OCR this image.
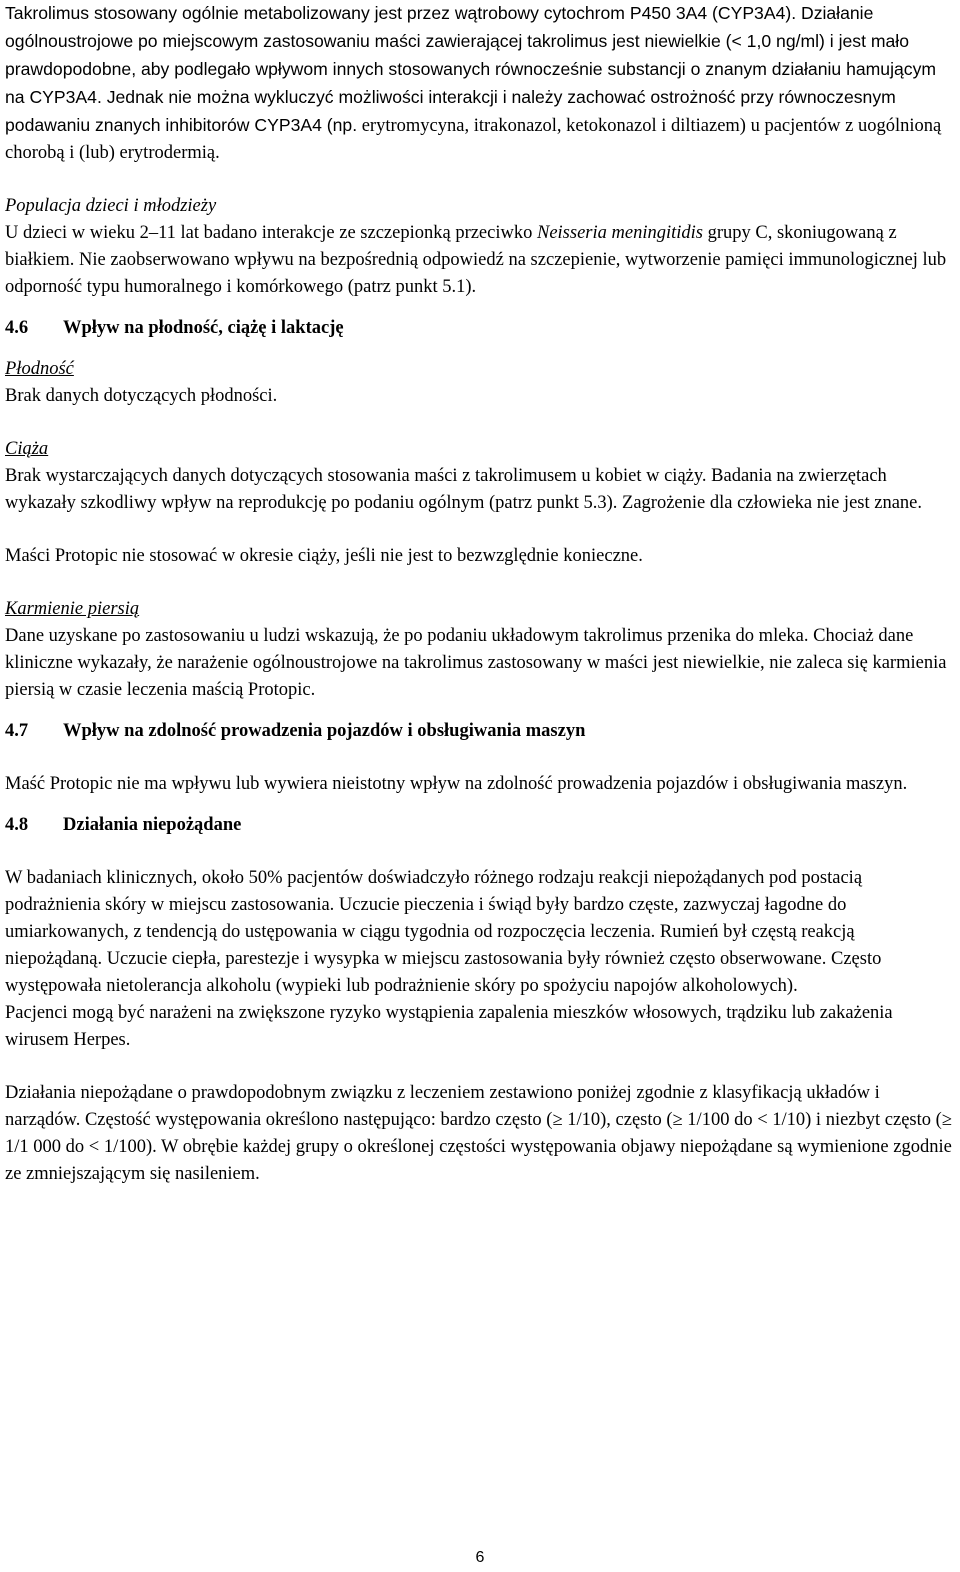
Takrolimus stosowany ogólnie metabolizowany jest przez wątrobowy cytochrom P450 3A4 (CYP3A4). Działanie ogólnoustrojowe po miejscowym zastosowaniu maści zawierającej takrolimus jest niewielkie (< 1,0 ng/ml) i jest mało prawdopodobne, aby podlegało wpływom innych stosowanych równocześnie substancji o znanym działaniu hamującym na CYP3A4. Jednak nie można wykluczyć możliwości interakcji i należy zachować ostrożność przy równoczesnym podawaniu znanych inhibitorów CYP3A4 (np. erytromycyna, itrakonazol, ketokonazol i diltiazem) u pacjentów z uogólnioną chorobą i (lub) erytrodermią.

Populacja dzieci i młodzieży

U dzieci w wieku 2–11 lat badano interakcje ze szczepionką przeciwko Neisseria meningitidis grupy C, skoniugowaną z białkiem. Nie zaobserwowano wpływu na bezpośrednią odpowiedź na szczepienie, wytworzenie pamięci immunologicznej lub odporność typu humoralnego i komórkowego (patrz punkt 5.1).

4.6	Wpływ na płodność, ciążę i laktację

Płodność

Brak danych dotyczących płodności.

Ciąża

Brak wystarczających danych dotyczących stosowania maści z takrolimusem u kobiet w ciąży. Badania na zwierzętach wykazały szkodliwy wpływ na reprodukcję po podaniu ogólnym (patrz punkt 5.3). Zagrożenie dla człowieka nie jest znane.

Maści Protopic nie stosować w okresie ciąży, jeśli nie jest to bezwzględnie konieczne.

Karmienie piersią

Dane uzyskane po zastosowaniu u ludzi wskazują, że po podaniu układowym takrolimus przenika do mleka. Chociaż dane kliniczne wykazały, że narażenie ogólnoustrojowe na takrolimus zastosowany w maści jest niewielkie, nie zaleca się karmienia piersią w czasie leczenia maścią Protopic.

4.7	Wpływ na zdolność prowadzenia pojazdów i obsługiwania maszyn

Maść Protopic nie ma wpływu lub wywiera nieistotny wpływ na zdolność prowadzenia pojazdów i obsługiwania maszyn.

4.8	Działania niepożądane

W badaniach klinicznych, około 50% pacjentów doświadczyło różnego rodzaju reakcji niepożądanych pod postacią podrażnienia skóry w miejscu zastosowania. Uczucie pieczenia i świąd były bardzo częste, zazwyczaj łagodne do umiarkowanych, z tendencją do ustępowania w ciągu tygodnia od rozpoczęcia leczenia. Rumień był częstą reakcją niepożądaną. Uczucie ciepła, parestezje i wysypka w miejscu zastosowania były również często obserwowane. Często występowała nietolerancja alkoholu (wypieki lub podrażnienie skóry po spożyciu napojów alkoholowych).

Pacjenci mogą być narażeni na zwiększone ryzyko wystąpienia zapalenia mieszków włosowych, trądziku lub zakażenia wirusem Herpes.

Działania niepożądane o prawdopodobnym związku z leczeniem zestawiono poniżej zgodnie z klasyfikacją układów i narządów. Częstość występowania określono następująco: bardzo często (≥ 1/10), często (≥ 1/100 do < 1/10) i niezbyt często (≥ 1/1 000 do < 1/100). W obrębie każdej grupy o określonej częstości występowania objawy niepożądane są wymienione zgodnie ze zmniejszającym się nasileniem.

6
